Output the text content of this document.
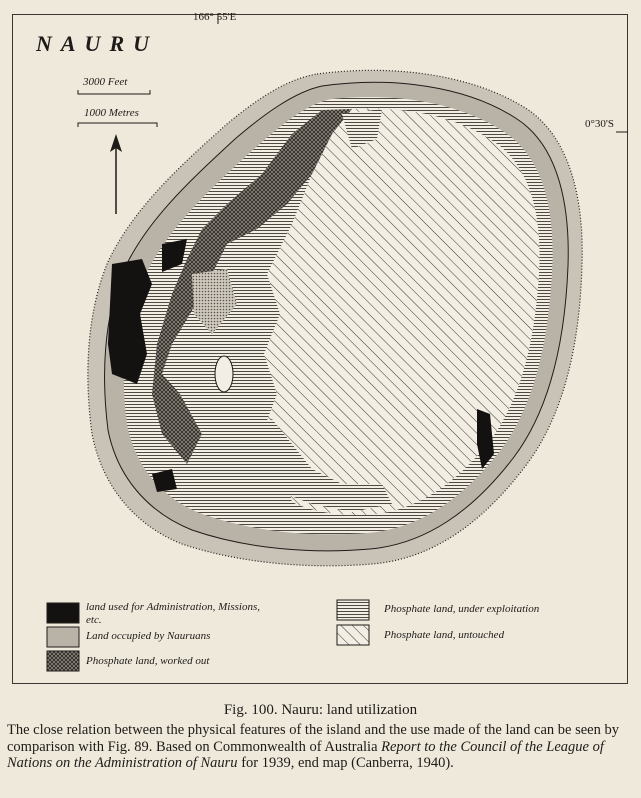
NAURU
166° 55'E
0°30'S
3000 Feet
1000 Metres
land used for Administration, Missions, etc.
Land occupied by Nauruans
Phosphate land, worked out
Phosphate land, under exploitation
Phosphate land, untouched
Fig. 100. Nauru: land utilization
The close relation between the physical features of the island and the use made of the land can be seen by comparison with Fig. 89. Based on Commonwealth of Australia Report to the Council of the League of Nations on the Administration of Nauru for 1939, end map (Canberra, 1940).
